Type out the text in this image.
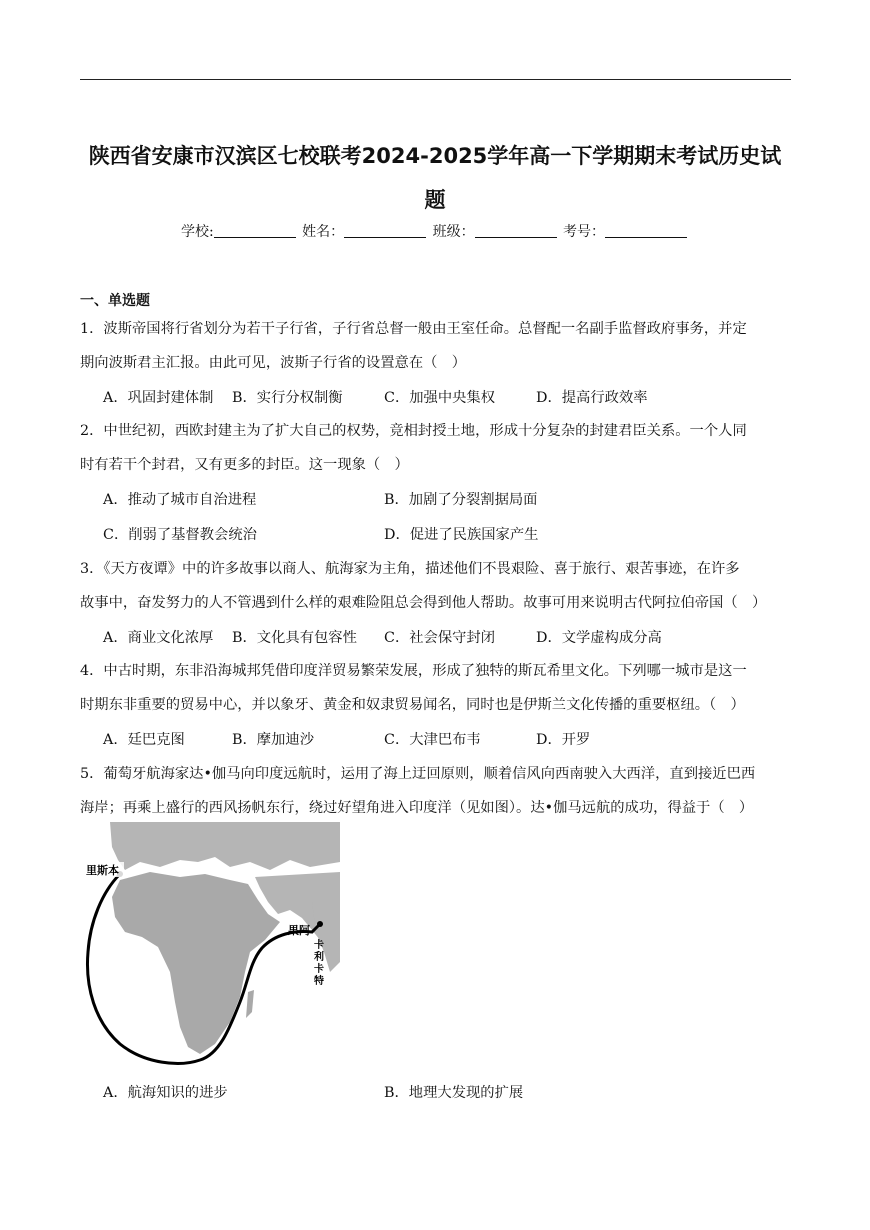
陕西省安康市汉滨区七校联考2024-2025学年高一下学期期末考试历史试
题
学校:	姓名：	班级：	考号：
一、单选题
1．波斯帝国将行省划分为若干子行省，子行省总督一般由王室任命。总督配一名副手监督政府事务，并定
期向波斯君主汇报。由此可见，波斯子行省的设置意在（　）
A．巩固封建体制 B．实行分权制衡	C．加强中央集权	D．提高行政效率
2．中世纪初，西欧封建主为了扩大自己的权势，竞相封授土地，形成十分复杂的封建君臣关系。一个人同
时有若干个封君，又有更多的封臣。这一现象（　）
A．推动了城市自治进程	B．加剧了分裂割据局面
C．削弱了基督教会统治	D．促进了民族国家产生
3．《天方夜谭》中的许多故事以商人、航海家为主角，描述他们不畏艰险、喜于旅行、艰苦事迹，在许多
故事中，奋发努力的人不管遇到什么样的艰难险阻总会得到他人帮助。故事可用来说明古代阿拉伯帝国（　）
A．商业文化浓厚 B．文化具有包容性 C．社会保守封闭	D．文学虚构成分高
4．中古时期，东非沿海城邦凭借印度洋贸易繁荣发展，形成了独特的斯瓦希里文化。下列哪一城市是这一
时期东非重要的贸易中心，并以象牙、黄金和奴隶贸易闻名，同时也是伊斯兰文化传播的重要枢纽。（　）
A．廷巴克图	B．摩加迪沙	C．大津巴布韦	D．开罗
5．葡萄牙航海家达•伽马向印度远航时，运用了海上迂回原则，顺着信风向西南驶入大西洋，直到接近巴西
海岸；再乘上盛行的西风扬帆东行，绕过好望角进入印度洋（见如图）。达•伽马远航的成功，得益于（　）
里斯本
果阿
卡
利
卡
特
A．航海知识的进步	B．地理大发现的扩展
